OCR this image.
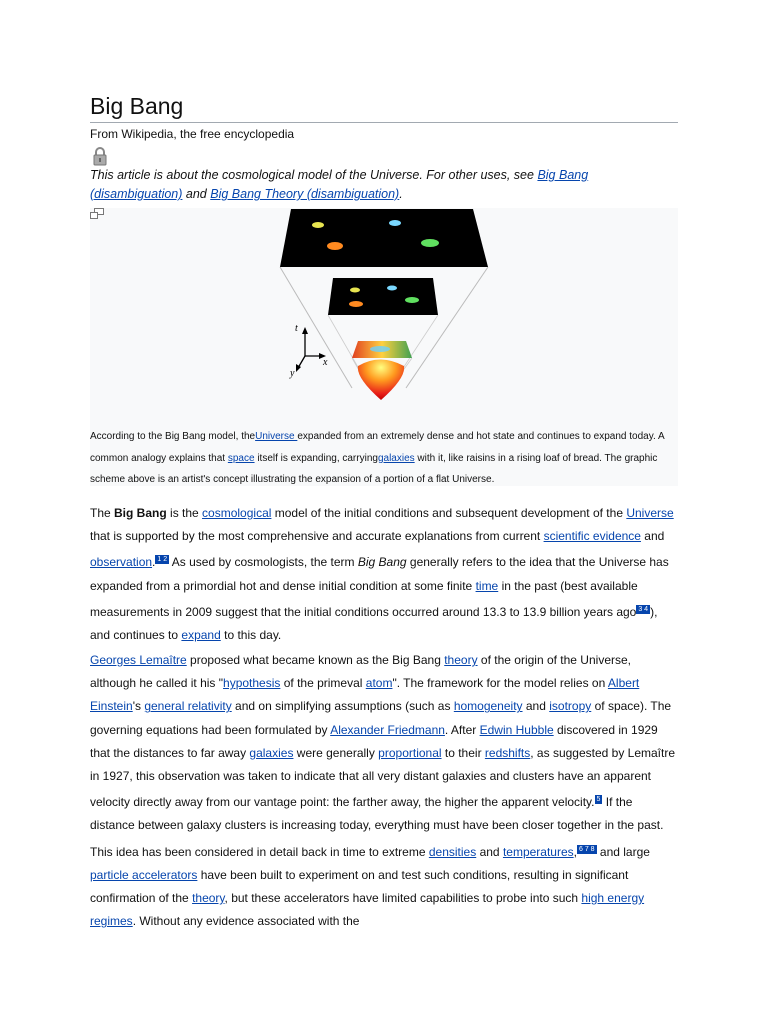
Big Bang
From Wikipedia, the free encyclopedia
This article is about the cosmological model of the Universe. For other uses, see Big Bang (disambiguation) and Big Bang Theory (disambiguation).
t
x
y
According to the Big Bang model, theUniverse expanded from an extremely dense and hot state and continues to expand today. A common analogy explains that space itself is expanding, carryinggalaxies with it, like raisins in a rising loaf of bread. The graphic scheme above is an artist's concept illustrating the expansion of a portion of a flat Universe.
The Big Bang is the cosmological model of the initial conditions and subsequent development of the Universe that is supported by the most comprehensive and accurate explanations from current scientific evidence and observation. $^{1 2}$ As used by cosmologists, the term Big Bang generally refers to the idea that the Universe has expanded from a primordial hot and dense initial condition at some finite time in the past (best available measurements in 2009 suggest that the initial conditions occurred around 13.3 to 13.9 billion years ago $^{3 4}$ ), and continues to expand to this day.
Georges Lemaître proposed what became known as the Big Bang theory of the origin of the Universe, although he called it his "hypothesis of the primeval atom". The framework for the model relies on Albert Einstein's general relativity and on simplifying assumptions (such as homogeneity and isotropy of space). The governing equations had been formulated by Alexander Friedmann. After Edwin Hubble discovered in 1929 that the distances to far away galaxies were generally proportional to their redshifts, as suggested by Lemaître in 1927, this observation was taken to indicate that all very distant galaxies and clusters have an apparent velocity directly away from our vantage point: the farther away, the higher the apparent velocity. $^5$ If the distance between galaxy clusters is increasing today, everything must have been closer together in the past. This idea has been considered in detail back in time to extreme densities and temperatures, $^{6 7 8}$ and large particle accelerators have been built to experiment on and test such conditions, resulting in significant confirmation of the theory, but these accelerators have limited capabilities to probe into such high energy regimes. Without any evidence associated with the
